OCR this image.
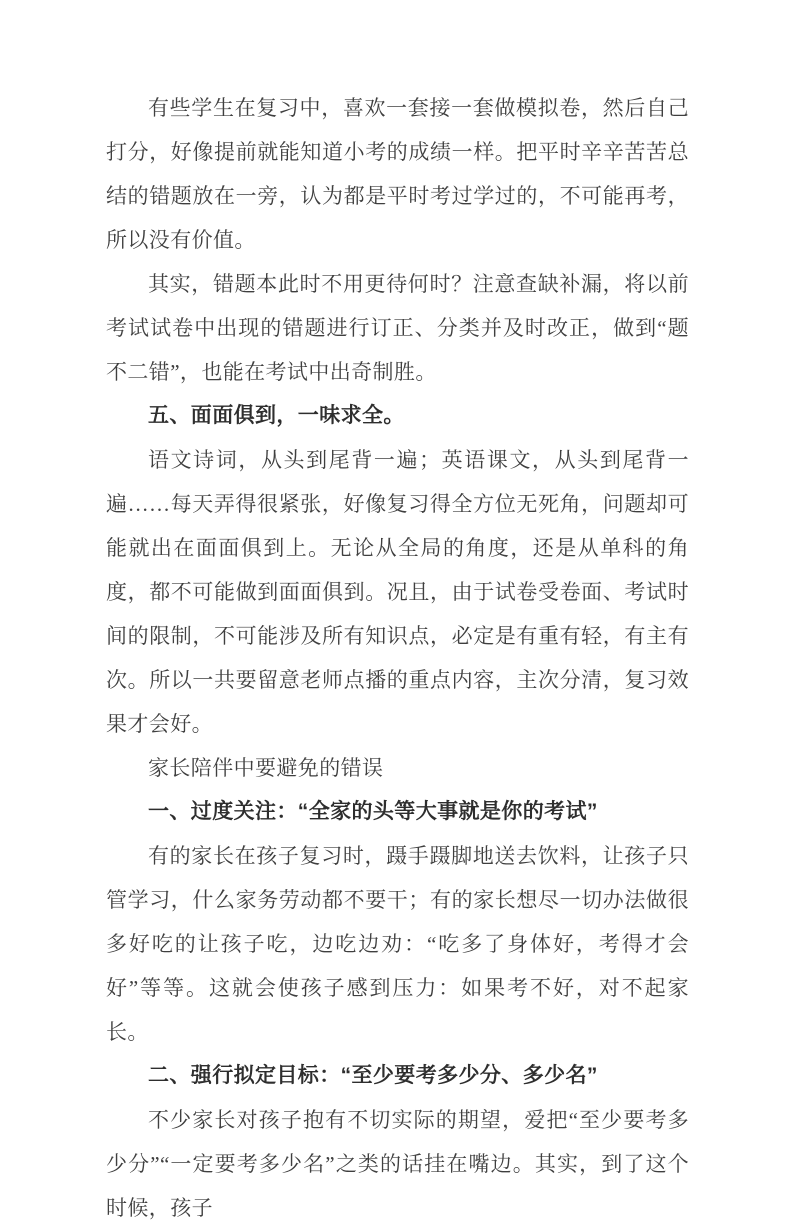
有些学生在复习中，喜欢一套接一套做模拟卷，然后自己打分，好像提前就能知道小考的成绩一样。把平时辛辛苦苦总结的错题放在一旁，认为都是平时考过学过的，不可能再考，所以没有价值。

其实，错题本此时不用更待何时？注意查缺补漏，将以前考试试卷中出现的错题进行订正、分类并及时改正，做到“题不二错”，也能在考试中出奇制胜。

五、面面俱到，一味求全。

语文诗词，从头到尾背一遍；英语课文，从头到尾背一遍……每天弄得很紧张，好像复习得全方位无死角，问题却可能就出在面面俱到上。无论从全局的角度，还是从单科的角度，都不可能做到面面俱到。况且，由于试卷受卷面、考试时间的限制，不可能涉及所有知识点，必定是有重有轻，有主有次。所以一共要留意老师点播的重点内容，主次分清，复习效果才会好。

家长陪伴中要避免的错误

一、过度关注：“全家的头等大事就是你的考试”

有的家长在孩子复习时，蹑手蹑脚地送去饮料，让孩子只管学习，什么家务劳动都不要干；有的家长想尽一切办法做很多好吃的让孩子吃，边吃边劝：“吃多了身体好，考得才会好”等等。这就会使孩子感到压力：如果考不好，对不起家长。

二、强行拟定目标：“至少要考多少分、多少名”

不少家长对孩子抱有不切实际的期望，爱把“至少要考多少分”“一定要考多少名”之类的话挂在嘴边。其实，到了这个时候，孩子
